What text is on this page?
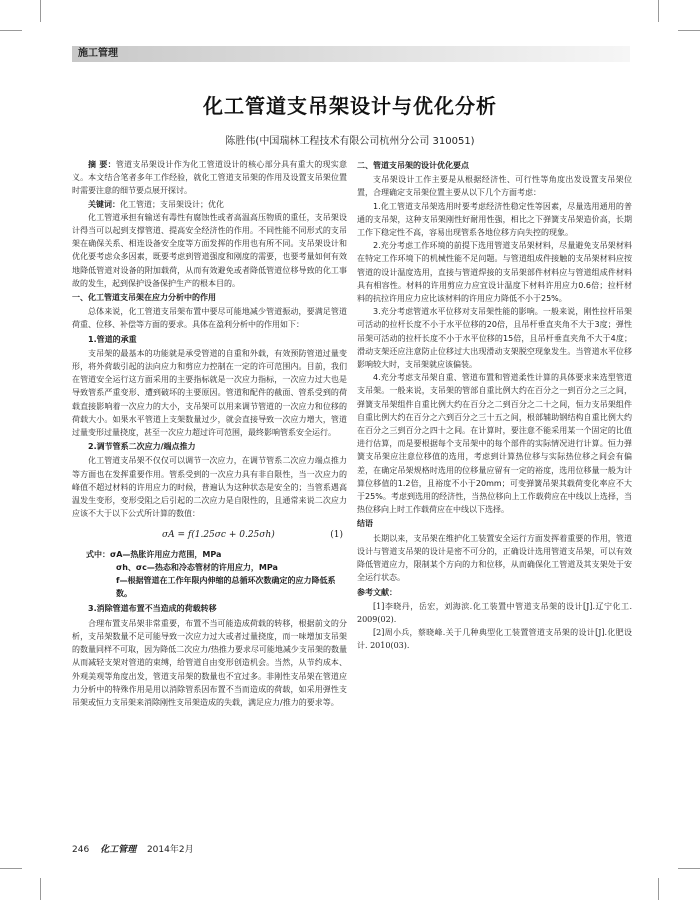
施工管理
化工管道支吊架设计与优化分析
陈胜伟(中国瑞林工程技术有限公司杭州分公司 310051)

摘 要：管道支吊架设计作为化工管道设计的核心部分具有重大的现实意义。本文结合笔者多年工作经验，就化工管道支吊架的作用及设置支吊架位置时需要注意的细节要点展开探讨。

关键词：化工管道；支吊架设计；优化

化工管道承担有输送有毒性有腐蚀性或者高温高压物质的重任，支吊架设计得当可以起到支撑管道、提高安全经济性的作用。不同性能不同形式的支吊架在确保关系、相连设备安全度等方面发挥的作用也有所不同。支吊架设计和优化要考虑众多因素，既要考虑到管道强度和刚度的需要，也要考量如何有效地降低管道对设备的附加载荷，从而有效避免或者降低管道位移导致的化工事故的发生，起到保护设备保护生产的根本目的。

一、化工管道支吊架在应力分析中的作用

总体来说，化工管道支吊架布置中要尽可能地减少管道振动，要满足管道荷重、位移、补偿等方面的要求。具体在盈利分析中的作用如下：

1.管道的承重

支吊架的最基本的功能就是承受管道的自重和外载，有效预防管道过量变形，将外荷载引起的法向应力和剪应力控制在一定的许可范围内。目前，我们在管道安全运行这方面采用的主要指标就是一次应力指标，一次应力过大也是导致管系严重变形、遭到破坏的主要原因。管道和配件的截面、管系受到的荷载直接影响着一次应力的大小，支吊架可以用来调节管道的一次应力和位移的荷载大小。如果水平管道上支架数量过少，就会直接导致一次应力增大，管道过量变形过量挠度，甚至一次应力超过许可范围，最终影响管系安全运行。

2.调节管系二次应力/端点推力

化工管道支吊架不仅仅可以调节一次应力，在调节管系二次应力端点推力等方面也在发挥重要作用。管系受到的一次应力具有非自限性，当一次应力的峰值不超过材料的许用应力的时候，普遍认为这种状态是安全的；当管系遇高温发生变形，变形受阻之后引起的二次应力是自限性的，且通常来说二次应力应该不大于以下公式所计算的数值：

σA = f(1.25σc + 0.25σh)	(1)
式中：σA—热胀许用应力范围，MPa
σh、σc—热态和冷态管材的许用应力，MPa
f—根据管道在工作年限内伸缩的总循环次数确定的应力降低系数。

3.消除管道布置不当造成的荷载转移

合理布置支吊架非常重要，布置不当可能造成荷载的转移，根据前文的分析，支吊架数量不足可能导致一次应力过大或者过量挠度，而一味增加支吊架的数量同样不可取，因为降低二次应力/热推力要求尽可能地减少支吊架的数量从而减轻支架对管道的束缚，给管道自由变形创造机会。当然，从节约成本、外观美观等角度出发，管道支吊架的数量也不宜过多。非刚性支吊架在管道应力分析中的特殊作用是用以消除管系因布置不当而造成的荷载，如采用弹性支吊架或恒力支吊架来消除刚性支吊架造成的失载，满足应力/推力的要求等。

二、管道支吊架的设计优化要点

支吊架设计工作主要是从根据经济性、可行性等角度出发设置支吊架位置，合理确定支吊架位置主要从以下几个方面考虑：

1.化工管道支吊架选用时要考虑经济性稳定性等因素，尽量选用通用的普通的支吊架，这种支吊架刚性好耐用性强，相比之下弹簧支吊架造价高，长期工作下稳定性不高，容易出现管系各地位移方向失控的现象。

2.充分考虑工作环境的前提下选用管道支吊架材料，尽量避免支吊架材料在特定工作环境下的机械性能不足问题。与管道组成件接触的支吊架材料应按管道的设计温度选用，直接与管道焊接的支吊架部件材料应与管道组成件材料具有相容性。材料的许用剪应力应宜设计温度下材料许用应力0.6倍；拉杆材料的抗拉许用应力应比该材料的许用应力降低不小于25%。

3.充分考虑管道水平位移对支吊架性能的影响。一般来说，刚性拉杆吊架可活动的拉杆长度不小于水平位移的20倍，且吊杆垂直夹角不大于3度；弹性吊架可活动的拉杆长度不小于水平位移的15倍，且吊杆垂直夹角不大于4度；滑动支架还应注意防止位移过大出现滑动支架脱空现象发生。当管道水平位移影响较大时，支吊架就应该偏装。

4.充分考虑支吊架自重、管道布置和管道柔性计算的具体要求来选型管道支吊架。一般来说，支吊架的管部自重比例大约在百分之一到百分之三之间，弹簧支吊架组件自重比例大约在百分之二到百分之二十之间，恒力支吊架组件自重比例大约在百分之六到百分之三十五之间，根部辅助钢结构自重比例大约在百分之三到百分之四十之间。在计算时，要注意不能采用某一个固定的比值进行估算，而是要根据每个支吊架中的每个部件的实际情况进行计算。恒力弹簧支吊架应注意位移值的选用，考虑到计算热位移与实际热位移之间会有偏差，在确定吊架规格时选用的位移量应留有一定的裕度，选用位移量一般为计算位移值的1.2倍，且裕度不小于20mm；可变弹簧吊架其载荷变化率应不大于25%。考虑到选用的经济性，当热位移向上工作载荷应在中线以上选择，当热位移向上时工作载荷应在中线以下选择。

结语

长期以来，支吊架在维护化工装置安全运行方面发挥着重要的作用，管道设计与管道支吊架的设计是密不可分的，正确设计选用管道支吊架，可以有效降低管道应力，限制某个方向的力和位移，从而确保化工管道及其支架处于安全运行状态。

参考文献：

[1]李晓丹，岳宏，刘海滨.化工装置中管道支吊架的设计[J].辽宁化工. 2009(02).

[2]周小兵，蔡晓峰.关于几种典型化工装置管道支吊架的设计[J].化肥设计. 2010(03).

246 化工管理 2014年2月
